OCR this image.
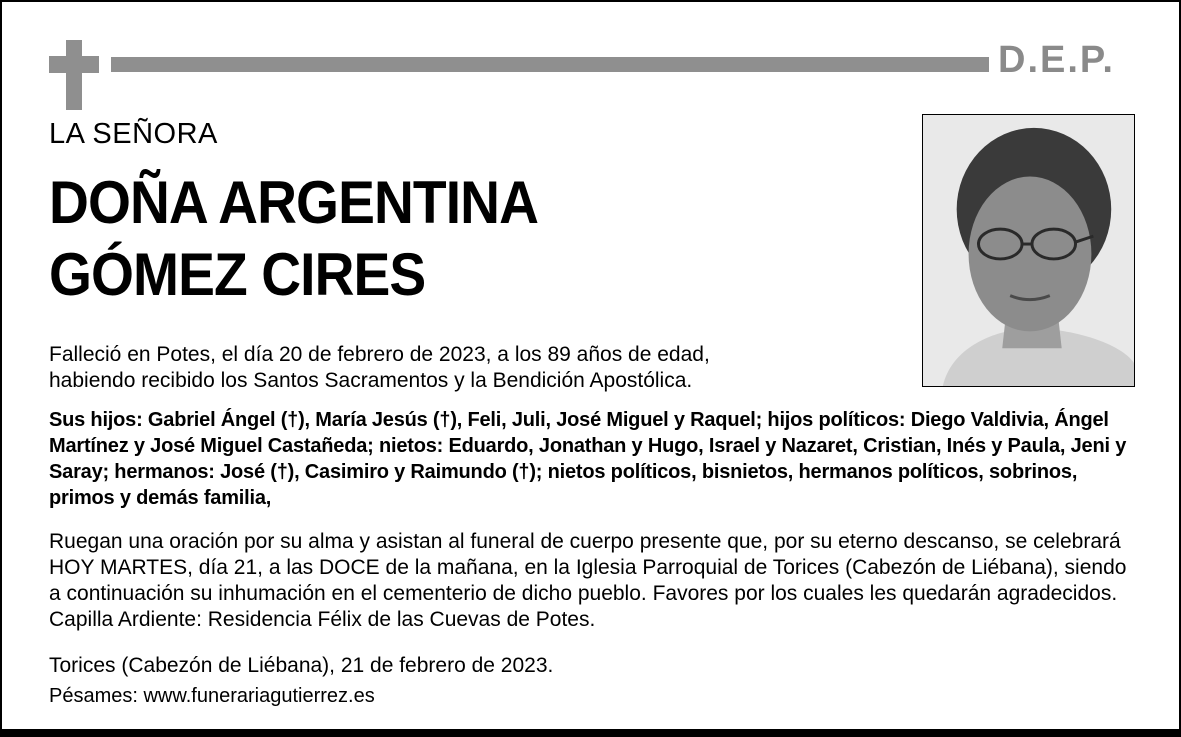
D.E.P.
LA SEÑORA
DOÑA ARGENTINA
GÓMEZ CIRES

Falleció en Potes, el día 20 de febrero de 2023, a los 89 años de edad,
habiendo recibido los Santos Sacramentos y la Bendición Apostólica.

Sus hijos: Gabriel Ángel (†), María Jesús (†), Feli, Juli, José Miguel y Raquel; hijos políticos: Diego Valdivia, Ángel Martínez y José Miguel Castañeda; nietos: Eduardo, Jonathan y Hugo, Israel y Nazaret, Cristian, Inés y Paula, Jeni y Saray; hermanos: José (†), Casimiro y Raimundo (†); nietos políticos, bisnietos, hermanos políticos, sobrinos, primos y demás familia,

Ruegan una oración por su alma y asistan al funeral de cuerpo presente que, por su eterno descanso, se celebrará HOY MARTES, día 21, a las DOCE de la mañana, en la Iglesia Parroquial de Torices (Cabezón de Liébana), siendo a continuación su inhumación en el cementerio de dicho pueblo. Favores por los cuales les quedarán agradecidos. Capilla Ardiente: Residencia Félix de las Cuevas de Potes.

Torices (Cabezón de Liébana), 21 de febrero de 2023.

Pésames: www.funerariagutierrez.es
